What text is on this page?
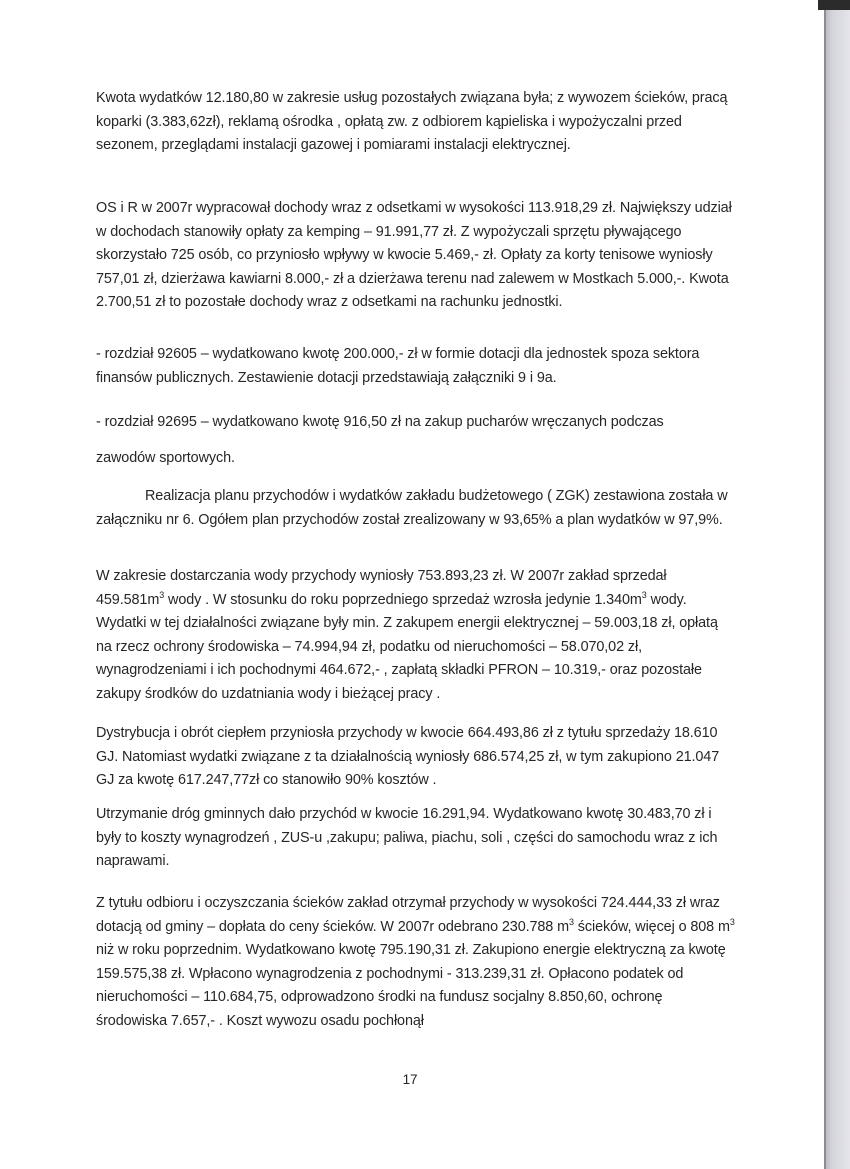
Kwota wydatków 12.180,80 w zakresie usług pozostałych związana była; z wywozem ścieków, pracą koparki (3.383,62zł), reklamą ośrodka , opłatą zw. z odbiorem kąpieliska i wypożyczalni przed sezonem, przeglądami instalacji gazowej i pomiarami instalacji elektrycznej.

OS i R w 2007r wypracował dochody wraz z odsetkami w wysokości 113.918,29 zł. Największy udział w dochodach stanowiły opłaty za kemping – 91.991,77 zł. Z wypożyczali sprzętu pływającego skorzystało 725 osób, co przyniosło wpływy w kwocie 5.469,- zł. Opłaty za korty tenisowe wyniosły 757,01 zł, dzierżawa kawiarni 8.000,- zł a dzierżawa terenu nad zalewem w Mostkach 5.000,-. Kwota 2.700,51 zł to pozostałe dochody wraz z odsetkami na rachunku jednostki.

- rozdział 92605 – wydatkowano kwotę 200.000,- zł w formie dotacji dla jednostek spoza sektora finansów publicznych. Zestawienie dotacji przedstawiają załączniki 9 i 9a.

- rozdział 92695 – wydatkowano kwotę 916,50 zł na zakup pucharów wręczanych podczas

zawodów sportowych.

Realizacja planu przychodów i wydatków zakładu budżetowego ( ZGK) zestawiona została w załączniku nr 6. Ogółem plan przychodów został zrealizowany w 93,65% a plan wydatków w 97,9%.

W zakresie dostarczania wody przychody wyniosły 753.893,23 zł. W 2007r zakład sprzedał $459.581m^3$ wody . W stosunku do roku poprzedniego sprzedaż wzrosła jedynie $1.340m^3$ wody. Wydatki w tej działalności związane były min. Z zakupem energii elektrycznej – 59.003,18 zł, opłatą na rzecz ochrony środowiska – 74.994,94 zł, podatku od nieruchomości – 58.070,02 zł, wynagrodzeniami i ich pochodnymi 464.672,- , zapłatą składki PFRON – 10.319,- oraz pozostałe zakupy środków do uzdatniania wody i bieżącej pracy .

Dystrybucja i obrót ciepłem przyniosła przychody w kwocie 664.493,86 zł z tytułu sprzedaży 18.610 GJ. Natomiast wydatki związane z ta działalnością wyniosły 686.574,25 zł, w tym zakupiono 21.047 GJ za kwotę 617.247,77zł co stanowiło 90% kosztów .

Utrzymanie dróg gminnych dało przychód w kwocie 16.291,94. Wydatkowano kwotę 30.483,70 zł i były to koszty wynagrodzeń , ZUS-u ,zakupu; paliwa, piachu, soli , części do samochodu wraz z ich naprawami.

Z tytułu odbioru i oczyszczania ścieków zakład otrzymał przychody w wysokości 724.444,33 zł wraz dotacją od gminy – dopłata do ceny ścieków. W 2007r odebrano 230.788 $m^3$ ścieków, więcej o 808 $m^3$ niż w roku poprzednim. Wydatkowano kwotę 795.190,31 zł. Zakupiono energie elektryczną za kwotę 159.575,38 zł. Wpłacono wynagrodzenia z pochodnymi - 313.239,31 zł. Opłacono podatek od nieruchomości – 110.684,75, odprowadzono środki na fundusz socjalny 8.850,60, ochronę środowiska 7.657,- . Koszt wywozu osadu pochłonął

17
